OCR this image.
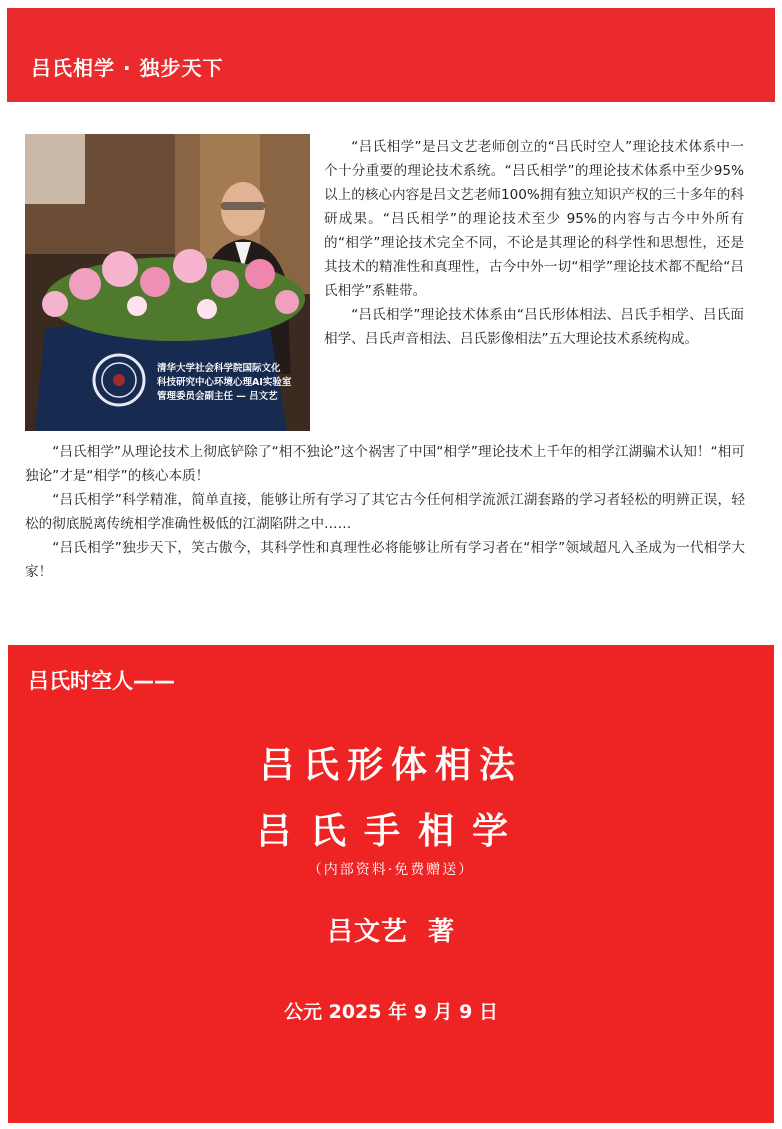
吕氏相学 · 独步天下
清华大学社会科学院国际文化
科技研究中心环境心理AI实验室
管理委员会副主任 — 吕文艺

“吕氏相学”是吕文艺老师创立的“吕氏时空人”理论技术体系中一个十分重要的理论技术系统。“吕氏相学”的理论技术体系中至少95%以上的核心内容是吕文艺老师100%拥有独立知识产权的三十多年的科研成果。“吕氏相学”的理论技术至少 95%的内容与古今中外所有的“相学”理论技术完全不同，不论是其理论的科学性和思想性，还是其技术的精准性和真理性，古今中外一切“相学”理论技术都不配给“吕氏相学”系鞋带。

“吕氏相学”理论技术体系由“吕氏形体相法、吕氏手相学、吕氏面相学、吕氏声音相法、吕氏影像相法”五大理论技术系统构成。

“吕氏相学”从理论技术上彻底铲除了“相不独论”这个祸害了中国“相学”理论技术上千年的相学江湖骗术认知！“相可独论”才是“相学”的核心本质！

“吕氏相学”科学精准，简单直接，能够让所有学习了其它古今任何相学流派江湖套路的学习者轻松的明辨正误，轻松的彻底脱离传统相学准确性极低的江湖陷阱之中……

“吕氏相学”独步天下，笑古傲今，其科学性和真理性必将能够让所有学习者在“相学”领域超凡入圣成为一代相学大家！

吕氏时空人——
吕氏形体相法
吕氏手相学
（内部资料·免费赠送）
吕文艺  著
公元 2025 年 9 月 9 日
